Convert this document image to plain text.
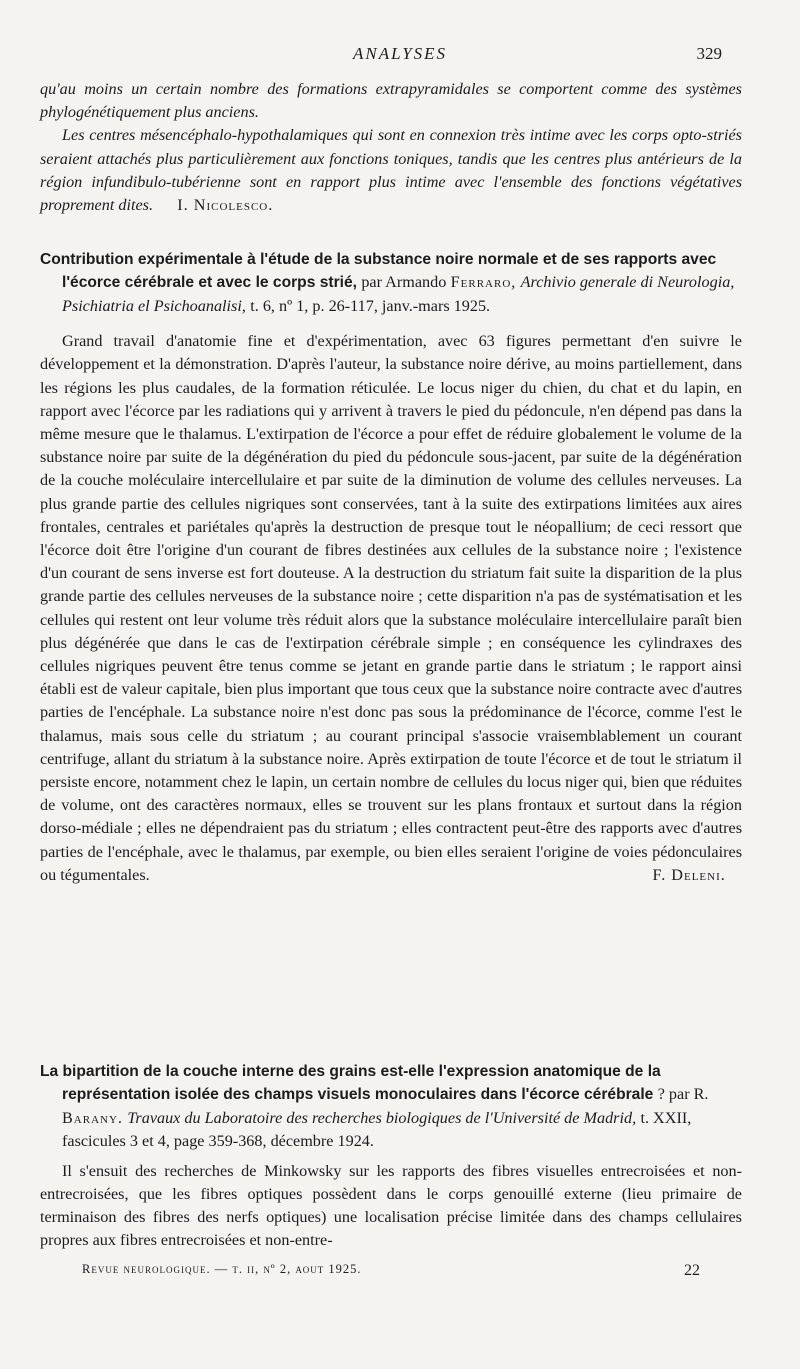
ANALYSES	329

qu'au moins un certain nombre des formations extrapyramidales se comportent comme des systèmes phylogénétiquement plus anciens.

Les centres mésencéphalo-hypothalamiques qui sont en connexion très intime avec les corps opto-striés seraient attachés plus particulièrement aux fonctions toniques, tandis que les centres plus antérieurs de la région infundibulo-tubérienne sont en rapport plus intime avec l'ensemble des fonctions végétatives proprement dites. I. Nicolesco.

Contribution expérimentale à l'étude de la substance noire normale et de ses rapports avec l'écorce cérébrale et avec le corps strié, par Armando Ferraro, Archivio generale di Neurologia, Psichiatria el Psichoanalisi, t. 6, nº 1, p. 26-117, janv.-mars 1925.

Grand travail d'anatomie fine et d'expérimentation, avec 63 figures permettant d'en suivre le développement et la démonstration. D'après l'auteur, la substance noire dérive, au moins partiellement, dans les régions les plus caudales, de la formation réticulée. Le locus niger du chien, du chat et du lapin, en rapport avec l'écorce par les radiations qui y arrivent à travers le pied du pédoncule, n'en dépend pas dans la même mesure que le thalamus. L'extirpation de l'écorce a pour effet de réduire globalement le volume de la substance noire par suite de la dégénération du pied du pédoncule sous-jacent, par suite de la dégénération de la couche moléculaire intercellulaire et par suite de la diminution de volume des cellules nerveuses. La plus grande partie des cellules nigriques sont conservées, tant à la suite des extirpations limitées aux aires frontales, centrales et pariétales qu'après la destruction de presque tout le néopallium; de ceci ressort que l'écorce doit être l'origine d'un courant de fibres destinées aux cellules de la substance noire ; l'existence d'un courant de sens inverse est fort douteuse. A la destruction du striatum fait suite la disparition de la plus grande partie des cellules nerveuses de la substance noire ; cette disparition n'a pas de systématisation et les cellules qui restent ont leur volume très réduit alors que la substance moléculaire intercellulaire paraît bien plus dégénérée que dans le cas de l'extirpation cérébrale simple ; en conséquence les cylindraxes des cellules nigriques peuvent être tenus comme se jetant en grande partie dans le striatum ; le rapport ainsi établi est de valeur capitale, bien plus important que tous ceux que la substance noire contracte avec d'autres parties de l'encéphale. La substance noire n'est donc pas sous la prédominance de l'écorce, comme l'est le thalamus, mais sous celle du striatum ; au courant principal s'associe vraisemblablement un courant centrifuge, allant du striatum à la substance noire. Après extirpation de toute l'écorce et de tout le striatum il persiste encore, notamment chez le lapin, un certain nombre de cellules du locus niger qui, bien que réduites de volume, ont des caractères normaux, elles se trouvent sur les plans frontaux et surtout dans la région dorso-médiale ; elles ne dépendraient pas du striatum ; elles contractent peut-être des rapports avec d'autres parties de l'encéphale, avec le thalamus, par exemple, ou bien elles seraient l'origine de voies pédonculaires ou tégumentales.	F. Deleni.

La bipartition de la couche interne des grains est-elle l'expression anatomique de la représentation isolée des champs visuels monoculaires dans l'écorce cérébrale ? par R. Barany. Travaux du Laboratoire des recherches biologiques de l'Université de Madrid, t. XXII, fascicules 3 et 4, page 359-368, décembre 1924.

Il s'ensuit des recherches de Minkowsky sur les rapports des fibres visuelles entrecroisées et non-entrecroisées, que les fibres optiques possèdent dans le corps genouillé externe (lieu primaire de terminaison des fibres des nerfs optiques) une localisation précise limitée dans des champs cellulaires propres aux fibres entrecroisées et non-entre-

Revue neurologique. — t. ii, nº 2, aout 1925.	22
